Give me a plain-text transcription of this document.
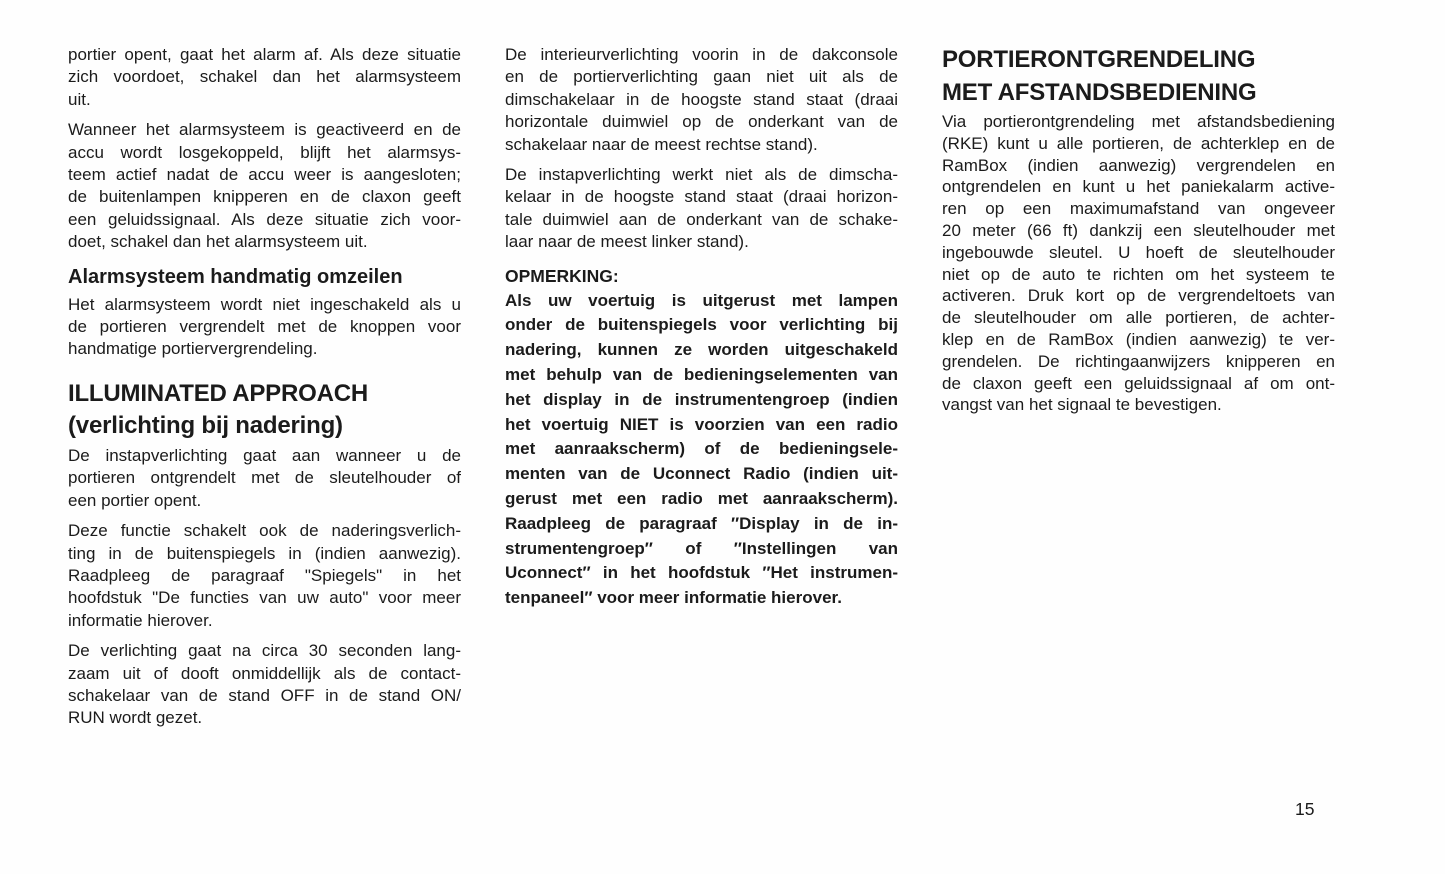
portier opent, gaat het alarm af. Als deze situatie
zich voordoet, schakel dan het alarmsysteem
uit.
Wanneer het alarmsysteem is geactiveerd en de
accu wordt losgekoppeld, blijft het alarmsys-
teem actief nadat de accu weer is aangesloten;
de buitenlampen knipperen en de claxon geeft
een geluidssignaal. Als deze situatie zich voor-
doet, schakel dan het alarmsysteem uit.
Alarmsysteem handmatig omzeilen
Het alarmsysteem wordt niet ingeschakeld als u
de portieren vergrendelt met de knoppen voor
handmatige portiervergrendeling.
ILLUMINATED APPROACH
(verlichting bij nadering)
De instapverlichting gaat aan wanneer u de
portieren ontgrendelt met de sleutelhouder of
een portier opent.
Deze functie schakelt ook de naderingsverlich-
ting in de buitenspiegels in (indien aanwezig).
Raadpleeg de paragraaf "Spiegels" in het
hoofdstuk "De functies van uw auto" voor meer
informatie hierover.
De verlichting gaat na circa 30 seconden lang-
zaam uit of dooft onmiddellijk als de contact-
schakelaar van de stand OFF in de stand ON/
RUN wordt gezet.
De interieurverlichting voorin in de dakconsole
en de portierverlichting gaan niet uit als de
dimschakelaar in de hoogste stand staat (draai
horizontale duimwiel op de onderkant van de
schakelaar naar de meest rechtse stand).
De instapverlichting werkt niet als de dimscha-
kelaar in de hoogste stand staat (draai horizon-
tale duimwiel aan de onderkant van de schake-
laar naar de meest linker stand).
OPMERKING:
Als uw voertuig is uitgerust met lampen
onder de buitenspiegels voor verlichting bij
nadering, kunnen ze worden uitgeschakeld
met behulp van de bedieningselementen van
het display in de instrumentengroep (indien
het voertuig NIET is voorzien van een radio
met aanraakscherm) of de bedieningsele-
menten van de Uconnect Radio (indien uit-
gerust met een radio met aanraakscherm).
Raadpleeg de paragraaf ″Display in de in-
strumentengroep″ of ″Instellingen van
Uconnect″ in het hoofdstuk ″Het instrumen-
tenpaneel″ voor meer informatie hierover.
PORTIERONTGRENDELING
MET AFSTANDSBEDIENING
Via portierontgrendeling met afstandsbediening
(RKE) kunt u alle portieren, de achterklep en de
RamBox (indien aanwezig) vergrendelen en
ontgrendelen en kunt u het paniekalarm active-
ren op een maximumafstand van ongeveer
20 meter (66 ft) dankzij een sleutelhouder met
ingebouwde sleutel. U hoeft de sleutelhouder
niet op de auto te richten om het systeem te
activeren. Druk kort op de vergrendeltoets van
de sleutelhouder om alle portieren, de achter-
klep en de RamBox (indien aanwezig) te ver-
grendelen. De richtingaanwijzers knipperen en
de claxon geeft een geluidssignaal af om ont-
vangst van het signaal te bevestigen.
15
